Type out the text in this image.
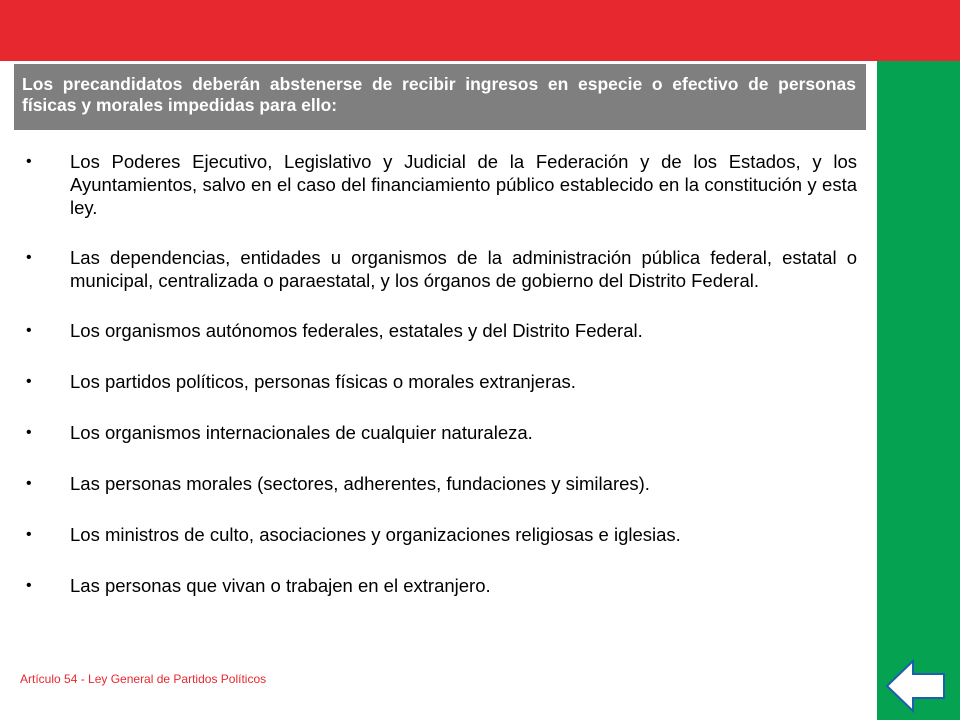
Los precandidatos deberán abstenerse de recibir ingresos en especie o efectivo de personas físicas y morales impedidas para ello:
• Los Poderes Ejecutivo, Legislativo y Judicial de la Federación y de los Estados, y los Ayuntamientos, salvo en el caso del financiamiento público establecido en la constitución y esta ley.
• Las dependencias, entidades u organismos de la administración pública federal, estatal o municipal, centralizada o paraestatal, y los órganos de gobierno del Distrito Federal.
• Los organismos autónomos federales, estatales y del Distrito Federal.
• Los partidos políticos, personas físicas o morales extranjeras.
• Los organismos internacionales de cualquier naturaleza.
• Las personas morales (sectores, adherentes, fundaciones y similares).
• Los ministros de culto, asociaciones y organizaciones religiosas e iglesias.
• Las personas que vivan o trabajen en el extranjero.
Artículo 54 - Ley General de Partidos Políticos
